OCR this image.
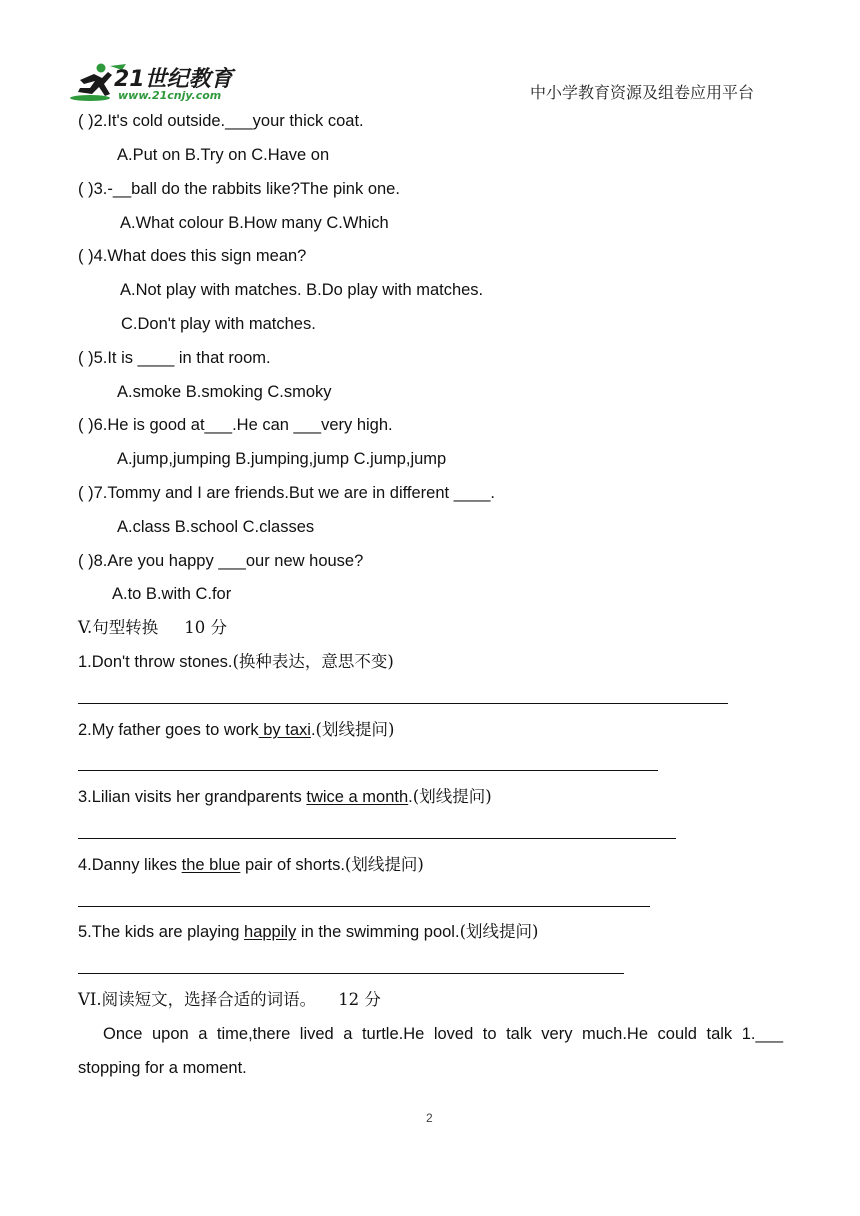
21世纪教育
www.21cnjy.com	中小学教育资源及组卷应用平台
( )2.It's cold outside.___your thick coat.
A.Put on B.Try on C.Have on
( )3.-__ball do the rabbits like?The pink one.
A.What colour B.How many C.Which
( )4.What does this sign mean?
A.Not play with matches. B.Do play with matches.
C.Don't play with matches.
( )5.It is ____ in that room.
A.smoke B.smoking C.smoky
( )6.He is good at___.He can ___very high.
A.jump,jumping B.jumping,jump C.jump,jump
( )7.Tommy and I are friends.But we are in different ____.
A.class B.school C.classes
( )8.Are you happy ___our new house?
A.to B.with C.for
V.句型转换 10 分
1.Don't throw stones.(换种表达，意思不变)
2.My father goes to work by taxi.(划线提问)
3.Lilian visits her grandparents twice a month.(划线提问)
4.Danny likes the blue pair of shorts.(划线提问)
5.The kids are playing happily in the swimming pool.(划线提问)
VI.阅读短文，选择合适的词语。 12 分
Once upon a time,there lived a turtle.He loved to talk very much.He could talk 1.___
stopping for a moment.
2
